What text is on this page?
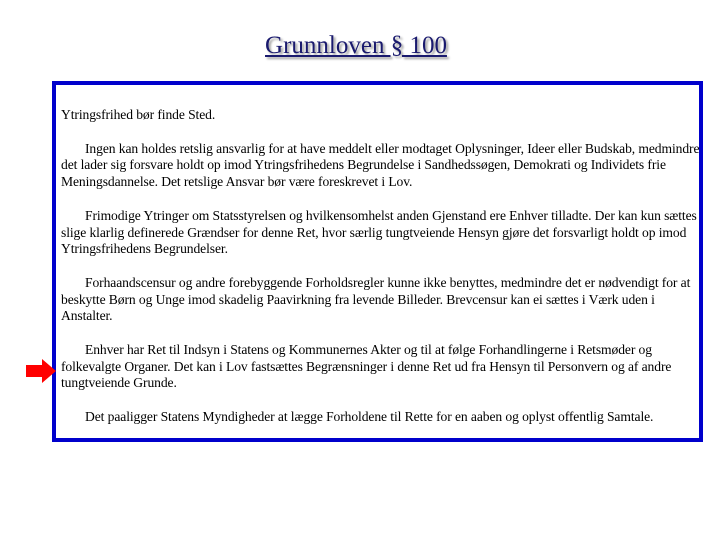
Grunnloven § 100

Ytringsfrihed bør finde Sted.

Ingen kan holdes retslig ansvarlig for at have meddelt eller modtaget Oplysninger, Ideer eller Budskab, medmindre det lader sig forsvare holdt op imod Ytringsfrihedens Begrundelse i Sandhedssøgen, Demokrati og Individets frie Meningsdannelse. Det retslige Ansvar bør være foreskrevet i Lov.

Frimodige Ytringer om Statsstyrelsen og hvilkensomhelst anden Gjenstand ere Enhver tilladte. Der kan kun sættes slige klarlig definerede Grændser for denne Ret, hvor særlig tungtveiende Hensyn gjøre det forsvarligt holdt op imod Ytringsfrihedens Begrundelser.

Forhaandscensur og andre forebyggende Forholdsregler kunne ikke benyttes, medmindre det er nødvendigt for at beskytte Børn og Unge imod skadelig Paavirkning fra levende Billeder. Brevcensur kan ei sættes i Værk uden i Anstalter.

Enhver har Ret til Indsyn i Statens og Kommunernes Akter og til at følge Forhandlingerne i Retsmøder og folkevalgte Organer. Det kan i Lov fastsættes Begrænsninger i denne Ret ud fra Hensyn til Personvern og af andre tungtveiende Grunde.

Det paaligger Statens Myndigheder at lægge Forholdene til Rette for en aaben og oplyst offentlig Samtale.
